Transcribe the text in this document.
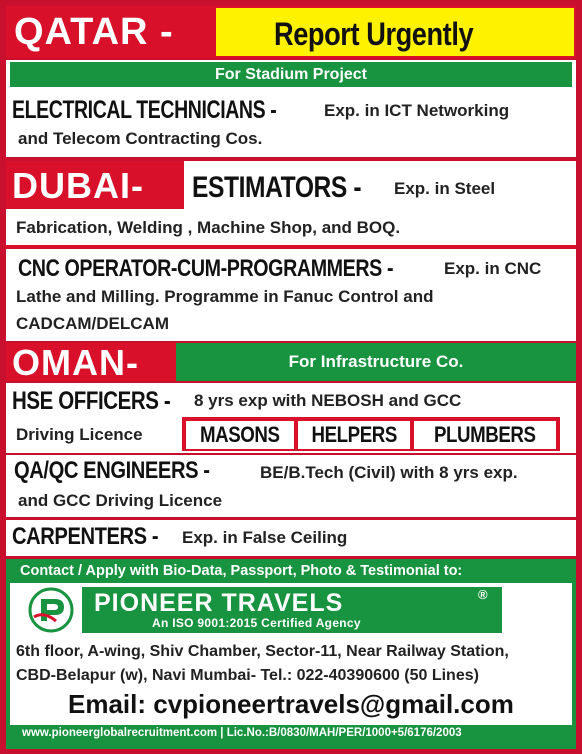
QATAR -	Report Urgently
For Stadium Project
ELECTRICAL TECHNICIANS -	Exp. in ICT Networking
and Telecom Contracting Cos.
DUBAI- ESTIMATORS - Exp. in Steel
Fabrication, Welding , Machine Shop, and BOQ.
CNC OPERATOR-CUM-PROGRAMMERS -	Exp. in CNC
Lathe and Milling. Programme in Fanuc Control and
CADCAM/DELCAM
OMAN-	For Infrastructure Co.
HSE OFFICERS - 8 yrs exp with NEBOSH and GCC
Driving Licence	MASONS	HELPERS	PLUMBERS
QA/QC ENGINEERS -	BE/B.Tech (Civil) with 8 yrs exp.
and GCC Driving Licence
CARPENTERS - Exp. in False Ceiling
Contact / Apply with Bio-Data, Passport, Photo & Testimonial to:
PIONEER TRAVELS	®
An ISO 9001:2015 Certified Agency
6th floor, A-wing, Shiv Chamber, Sector-11, Near Railway Station,
CBD-Belapur (w), Navi Mumbai- Tel.: 022-40390600 (50 Lines)
Email: cvpioneertravels@gmail.com
www.pioneerglobalrecruitment.com | Lic.No.:B/0830/MAH/PER/1000+5/6176/2003
